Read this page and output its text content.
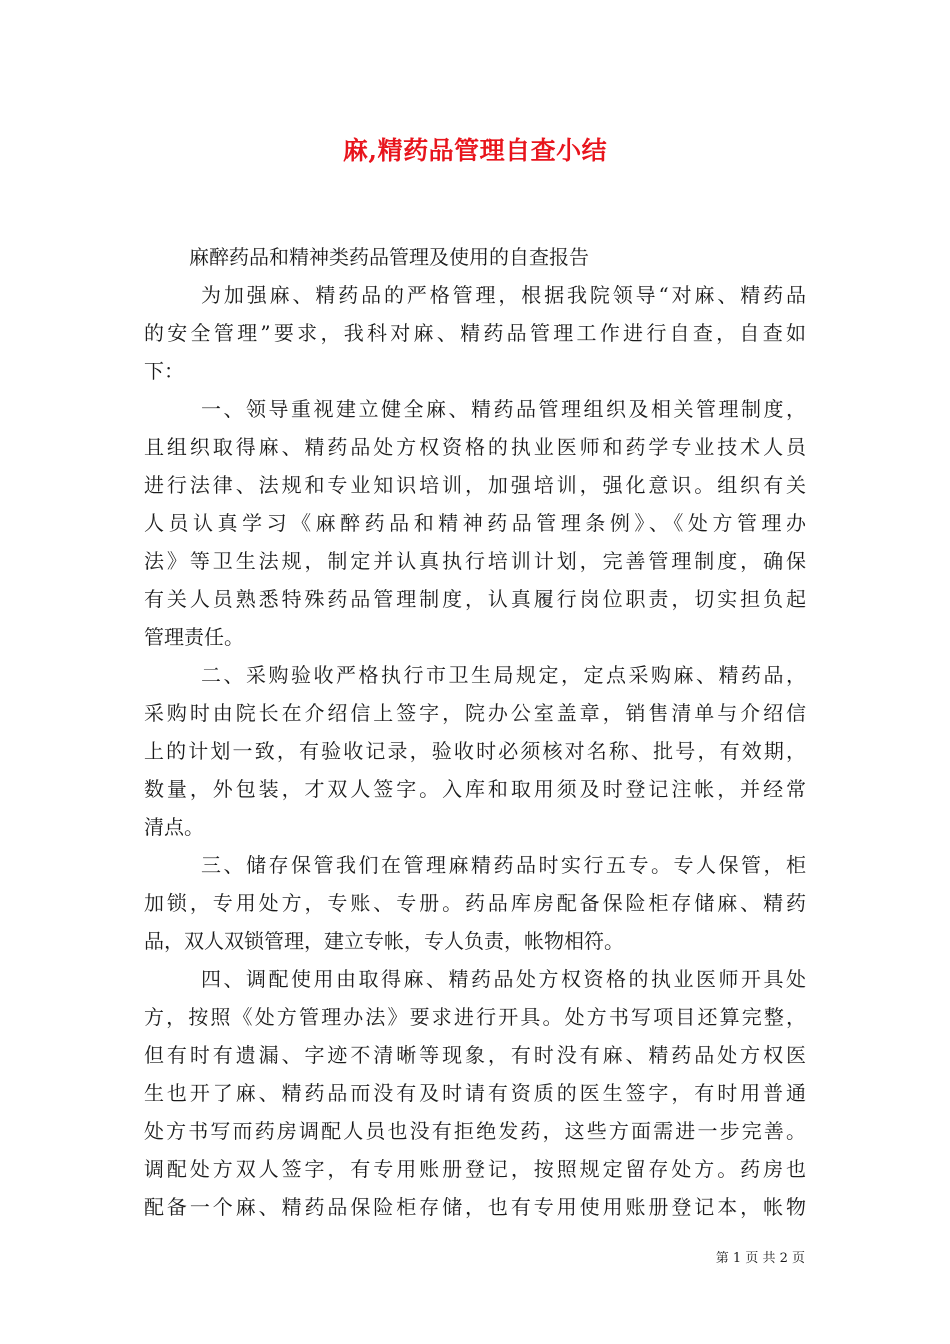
麻,精药品管理自查小结
麻醉药品和精神类药品管理及使用的自查报告
为加强麻、精药品的严格管理，根据我院领导“对麻、精药品
的安全管理”要求，我科对麻、精药品管理工作进行自查，自查如
下：
一、领导重视建立健全麻、精药品管理组织及相关管理制度，
且组织取得麻、精药品处方权资格的执业医师和药学专业技术人员
进行法律、法规和专业知识培训，加强培训，强化意识。组织有关
人员认真学习《麻醉药品和精神药品管理条例》、《处方管理办
法》等卫生法规，制定并认真执行培训计划，完善管理制度，确保
有关人员熟悉特殊药品管理制度，认真履行岗位职责，切实担负起
管理责任。
二、采购验收严格执行市卫生局规定，定点采购麻、精药品，
采购时由院长在介绍信上签字，院办公室盖章，销售清单与介绍信
上的计划一致，有验收记录，验收时必须核对名称、批号，有效期，
数量，外包装，才双人签字。入库和取用须及时登记注帐，并经常
清点。
三、储存保管我们在管理麻精药品时实行五专。专人保管，柜
加锁，专用处方，专账、专册。药品库房配备保险柜存储麻、精药
品，双人双锁管理，建立专帐，专人负责，帐物相符。
四、调配使用由取得麻、精药品处方权资格的执业医师开具处
方，按照《处方管理办法》要求进行开具。处方书写项目还算完整，
但有时有遗漏、字迹不清晰等现象，有时没有麻、精药品处方权医
生也开了麻、精药品而没有及时请有资质的医生签字，有时用普通
处方书写而药房调配人员也没有拒绝发药，这些方面需进一步完善。
调配处方双人签字，有专用账册登记，按照规定留存处方。药房也
配备一个麻、精药品保险柜存储，也有专用使用账册登记本，帐物
第 1 页 共 2 页
